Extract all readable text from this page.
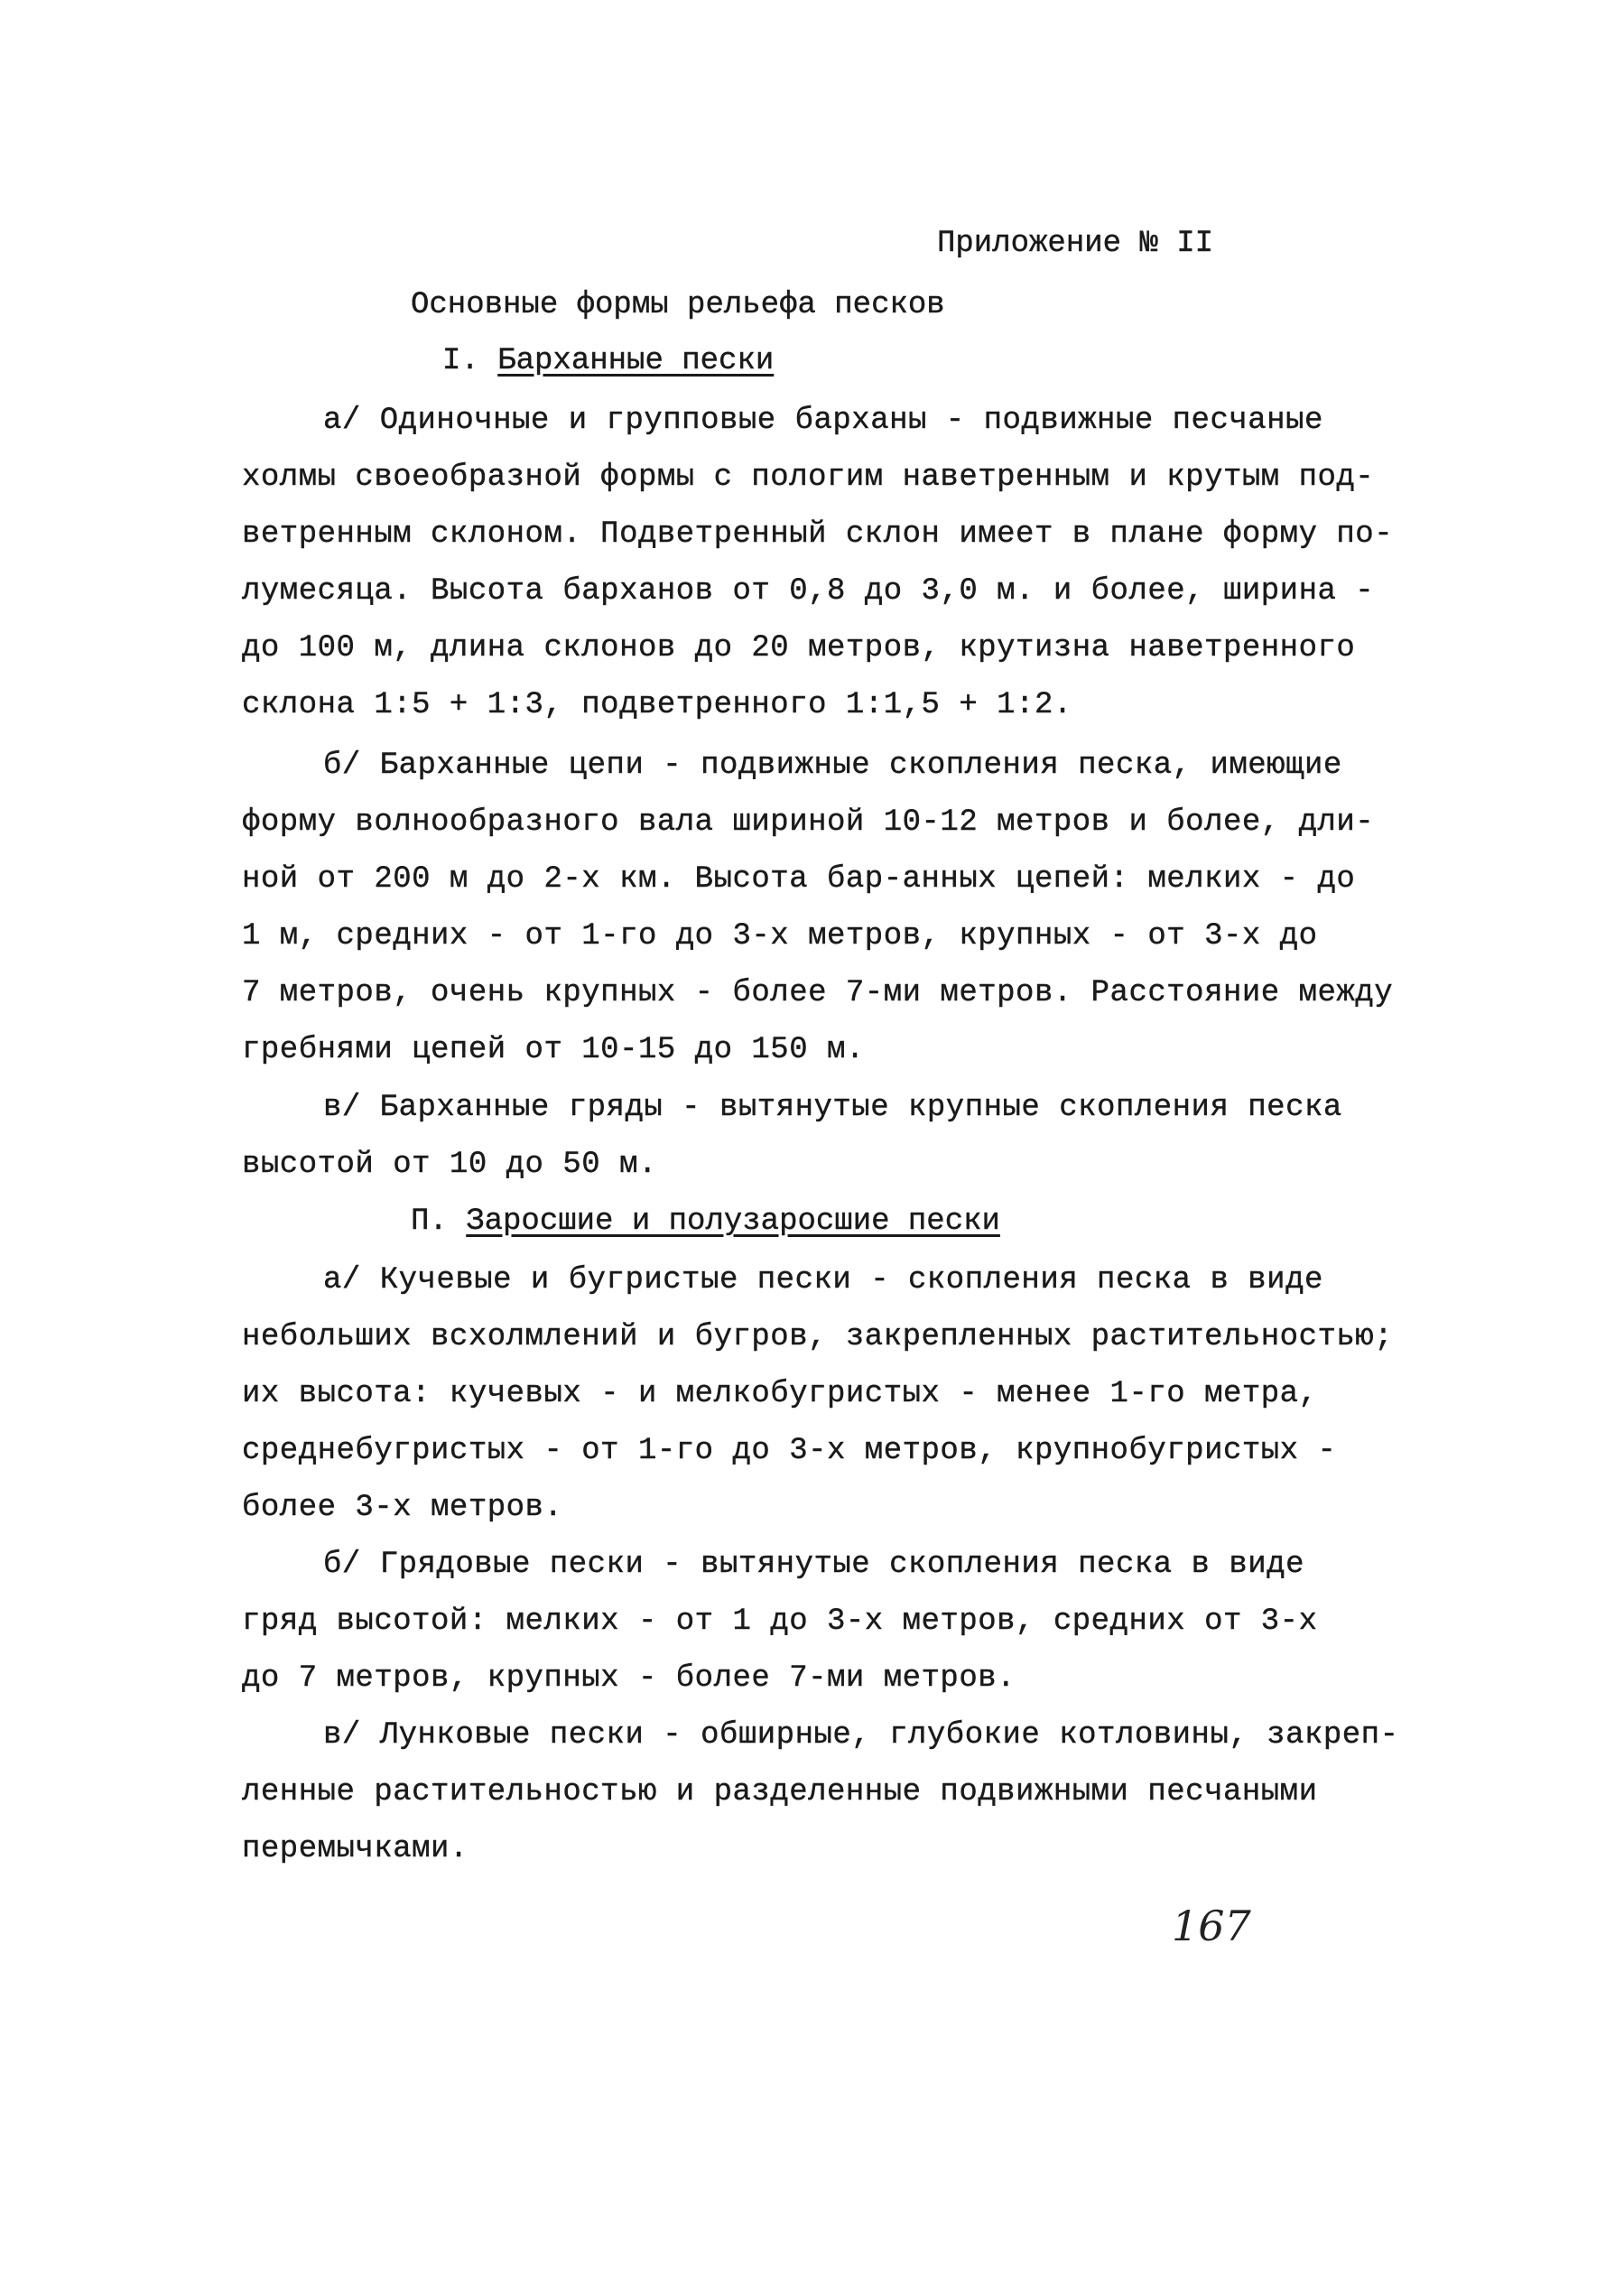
Приложение № II
Основные формы рельефа песков
I. Барханные пески
а/ Одиночные и групповые барханы - подвижные песчаные
холмы своеобразной формы с пологим наветренным и крутым под-
ветренным склоном. Подветренный склон имеет в плане форму по-
лумесяца. Высота барханов от 0,8 до 3,0 м. и более, ширина -
до 100 м, длина склонов до 20 метров, крутизна наветренного
склона 1:5 + 1:3, подветренного 1:1,5 + 1:2.
б/ Барханные цепи - подвижные скопления песка, имеющие
форму волнообразного вала шириной 10-12 метров и более, дли-
ной от 200 м до 2-х км. Высота бар-анных цепей: мелких - до
1 м, средних - от 1-го до 3-х метров, крупных - от 3-х до
7 метров, очень крупных - более 7-ми метров. Расстояние между
гребнями цепей от 10-15 до 150 м.
в/ Барханные гряды - вытянутые крупные скопления песка
высотой от 10 до 50 м.
П. Заросшие и полузаросшие пески
а/ Кучевые и бугристые пески - скопления песка в виде
небольших всхолмлений и бугров, закрепленных растительностью;
их высота: кучевых - и мелкобугристых - менее 1-го метра,
среднебугристых - от 1-го до 3-х метров, крупнобугристых -
более 3-х метров.
б/ Грядовые пески - вытянутые скопления песка в виде
гряд высотой: мелких - от 1 до 3-х метров, средних от 3-х
до 7 метров, крупных - более 7-ми метров.
в/ Лунковые пески - обширные, глубокие котловины, закреп-
ленные растительностью и разделенные подвижными песчаными
перемычками.
167
